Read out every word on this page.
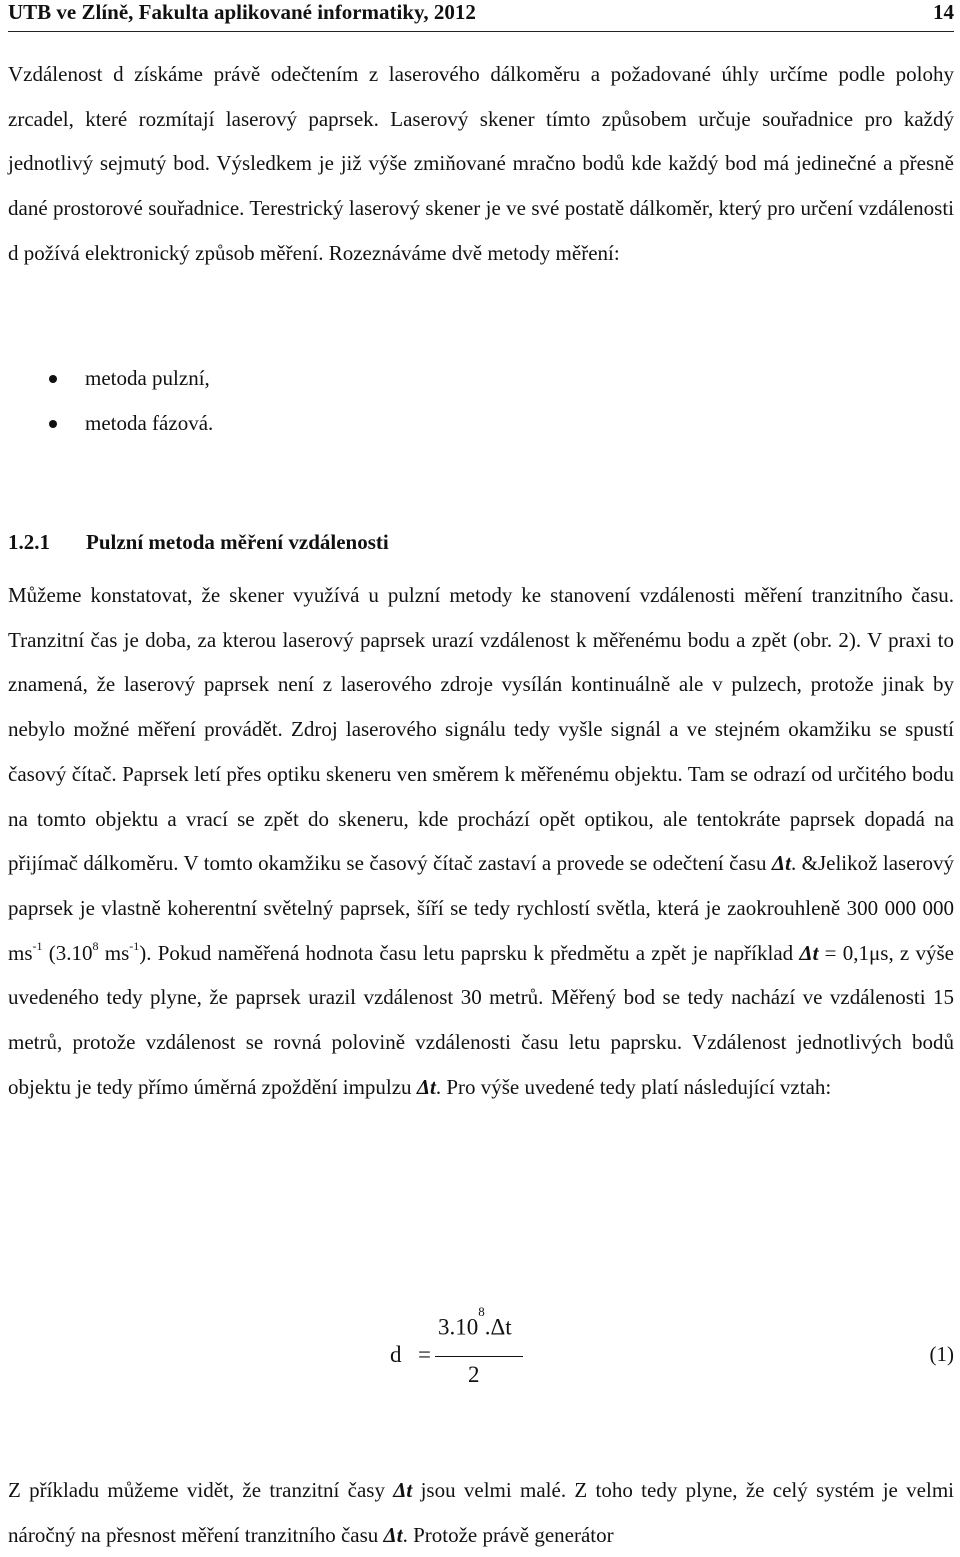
UTB ve Zlíně, Fakultа aplikované informatiky, 2012	14

Vzdálenost d získáme právě odečtením z laserového dálkoměru a požadované úhly určíme podle polohy zrcadel, které rozmítají laserový paprsek. Laserový skener tímto způsobem určuje souřadnice pro každý jednotlivý sejmutý bod. Výsledkem je již výše zmiňované mračno bodů kde každý bod má jedinečné a přesně dané prostorové souřadnice. Terestrický laserový skener je ve své postatě dálkoměr, který pro určení vzdálenosti d požívá elektronický způsob měření. Rozeznáváme dvě metody měření:

metoda pulzní,
metoda fázová.
1.2.1 Pulzní metoda měření vzdálenosti

Můžeme konstatovat, že skener využívá u pulzní metody ke stanovení vzdálenosti měření tranzitního času. Tranzitní čas je doba, za kterou laserový paprsek urazí vzdálenost k měřenému bodu a zpět (obr. 2). V praxi to znamená, že laserový paprsek není z laserového zdroje vysílán kontinuálně ale v pulzech, protože jinak by nebylo možné měření provádět. Zdroj laserového signálu tedy vyšle signál a ve stejném okamžiku se spustí časový čítač. Paprsek letí přes optiku skeneru ven směrem k měřenému objektu. Tam se odrazí od určitého bodu na tomto objektu a vrací se zpět do skeneru, kde prochází opět optikou, ale tentokráte paprsek dopadá na přijímač dálkoměru. V tomto okamžiku se časový čítač zastaví a provede se odečtení času Δt. &Jelikož laserový paprsek je vlastně koherentní světelný paprsek, šíří se tedy rychlostí světla, která je zaokrouhleně 300 000 000 $ms^{-1}$ (3.10$^8$ $ms^{-1}$). Pokud naměřená hodnota času letu paprsku k předmětu a zpět je například Δt = 0,1μs, z výše uvedeného tedy plyne, že paprsek urazil vzdálenost 30 metrů. Měřený bod se tedy nachází ve vzdálenosti 15 metrů, protože vzdálenost se rovná polovině vzdálenosti času letu paprsku. Vzdálenost jednotlivých bodů objektu je tedy přímo úměrná zpoždění impulzu Δt. Pro výše uvedené tedy platí následující vztah:

d =
$3.10^8.\Delta t$
2
(1)

Z příkladu můžeme vidět, že tranzitní časy Δt jsou velmi malé. Z toho tedy plyne, že celý systém je velmi náročný na přesnost měření tranzitního času Δt. Protože právě generátor
